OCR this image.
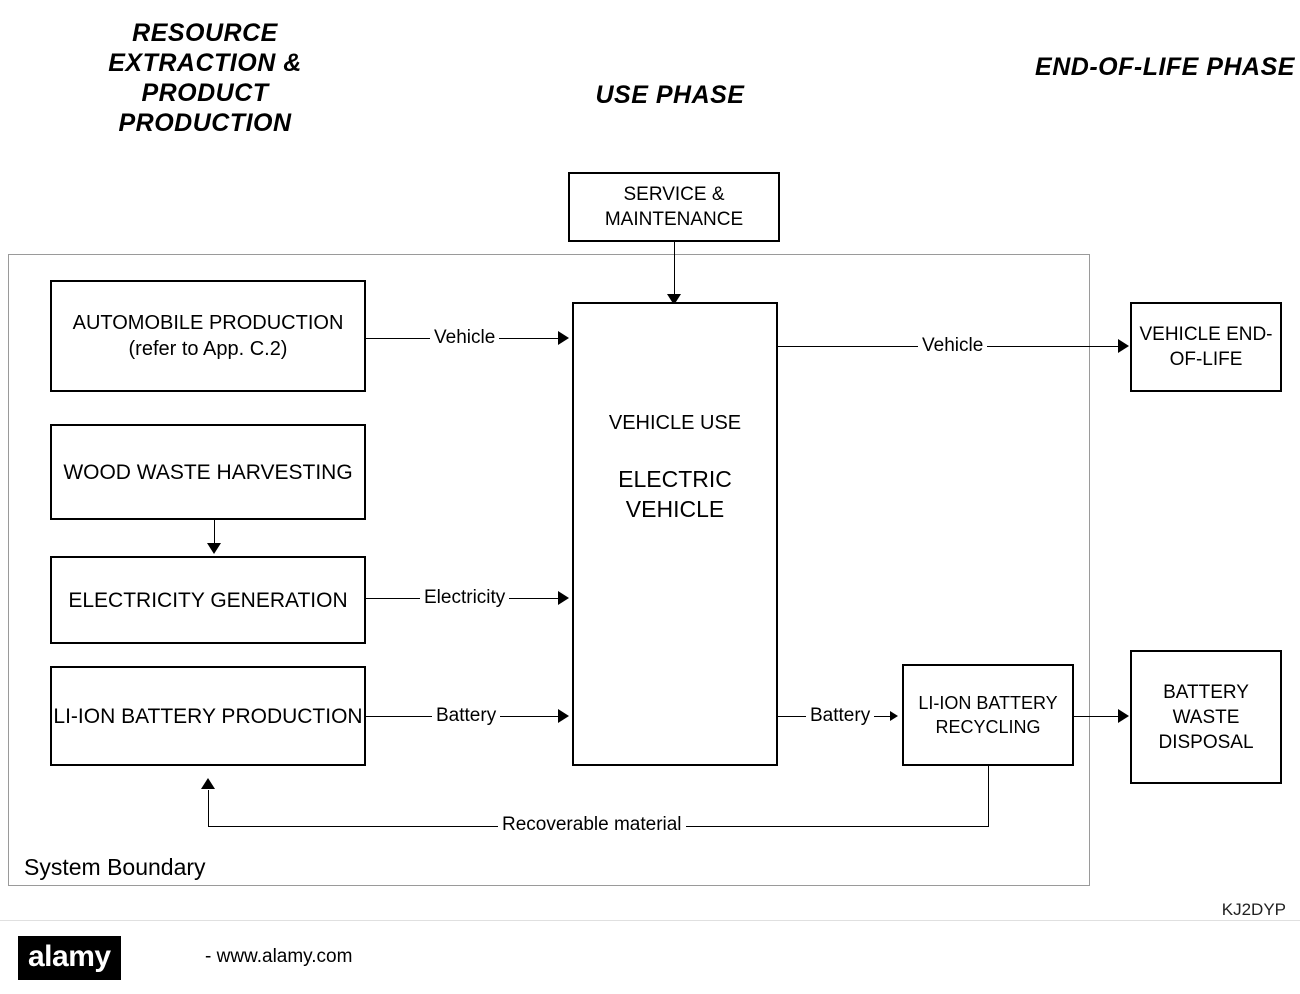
RESOURCE EXTRACTION & PRODUCT PRODUCTION
USE PHASE
END-OF-LIFE PHASE
System Boundary
SERVICE & MAINTENANCE
AUTOMOBILE PRODUCTION (refer to App. C.2)
WOOD WASTE HARVESTING
ELECTRICITY GENERATION
LI-ION BATTERY PRODUCTION
VEHICLE USE
ELECTRIC VEHICLE
VEHICLE END-OF-LIFE
LI-ION BATTERY RECYCLING
BATTERY WASTE DISPOSAL
Vehicle	Vehicle
Electricity
Battery	Battery
Recoverable material
alamy	- www.alamy.com
KJ2DYP
